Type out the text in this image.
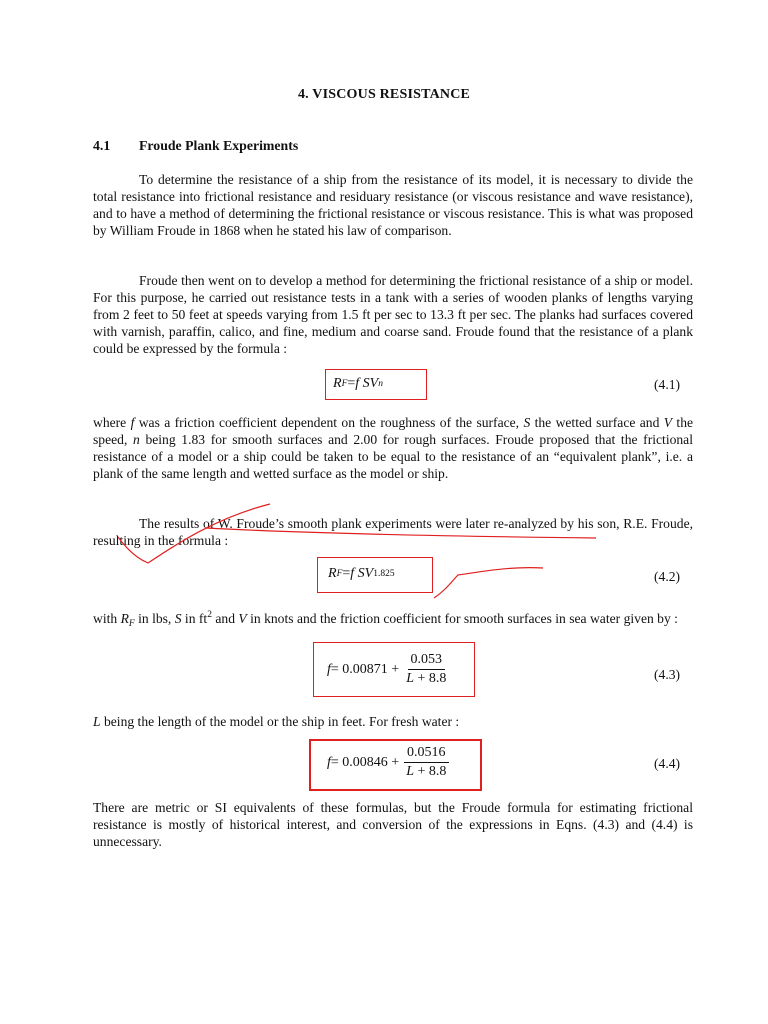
4. VISCOUS RESISTANCE
4.1 Froude Plank Experiments

To determine the resistance of a ship from the resistance of its model, it is necessary to divide the total resistance into frictional resistance and residuary resistance (or viscous resistance and wave resistance), and to have a method of determining the frictional resistance or viscous resistance. This is what was proposed by William Froude in 1868 when he stated his law of comparison.

Froude then went on to develop a method for determining the frictional resistance of a ship or model. For this purpose, he carried out resistance tests in a tank with a series of wooden planks of lengths varying from 2 feet to 50 feet at speeds varying from 1.5 ft per sec to 13.3 ft per sec. The planks had surfaces covered with varnish, paraffin, calico, and fine, medium and coarse sand. Froude found that the resistance of a plank could be expressed by the formula :

R F = f
S V n	(4.1)

where f was a friction coefficient dependent on the roughness of the surface, S the wetted surface and V the speed, n being 1.83 for smooth surfaces and 2.00 for rough surfaces. Froude proposed that the frictional resistance of a model or a ship could be taken to be equal to the resistance of an “equivalent plank”, i.e. a plank of the same length and wetted surface as the model or ship.

The results of W. Froude’s smooth plank experiments were later re-analyzed by his son, R.E. Froude, resulting in the formula :

R F = f
S V 1.825	(4.2)

with $R_F$ in lbs, S in $ft^2$ and V in knots and the friction coefficient for smooth surfaces in sea water given by :

$f = 0.00871 + \frac{0.053}{L + 8.8}$	(4.3)

L being the length of the model or the ship in feet. For fresh water :

$f = 0.00846 + \frac{0.0516}{L + 8.8}$	(4.4)

There are metric or SI equivalents of these formulas, but the Froude formula for estimating frictional resistance is mostly of historical interest, and conversion of the expressions in Eqns. (4.3) and (4.4) is unnecessary.
